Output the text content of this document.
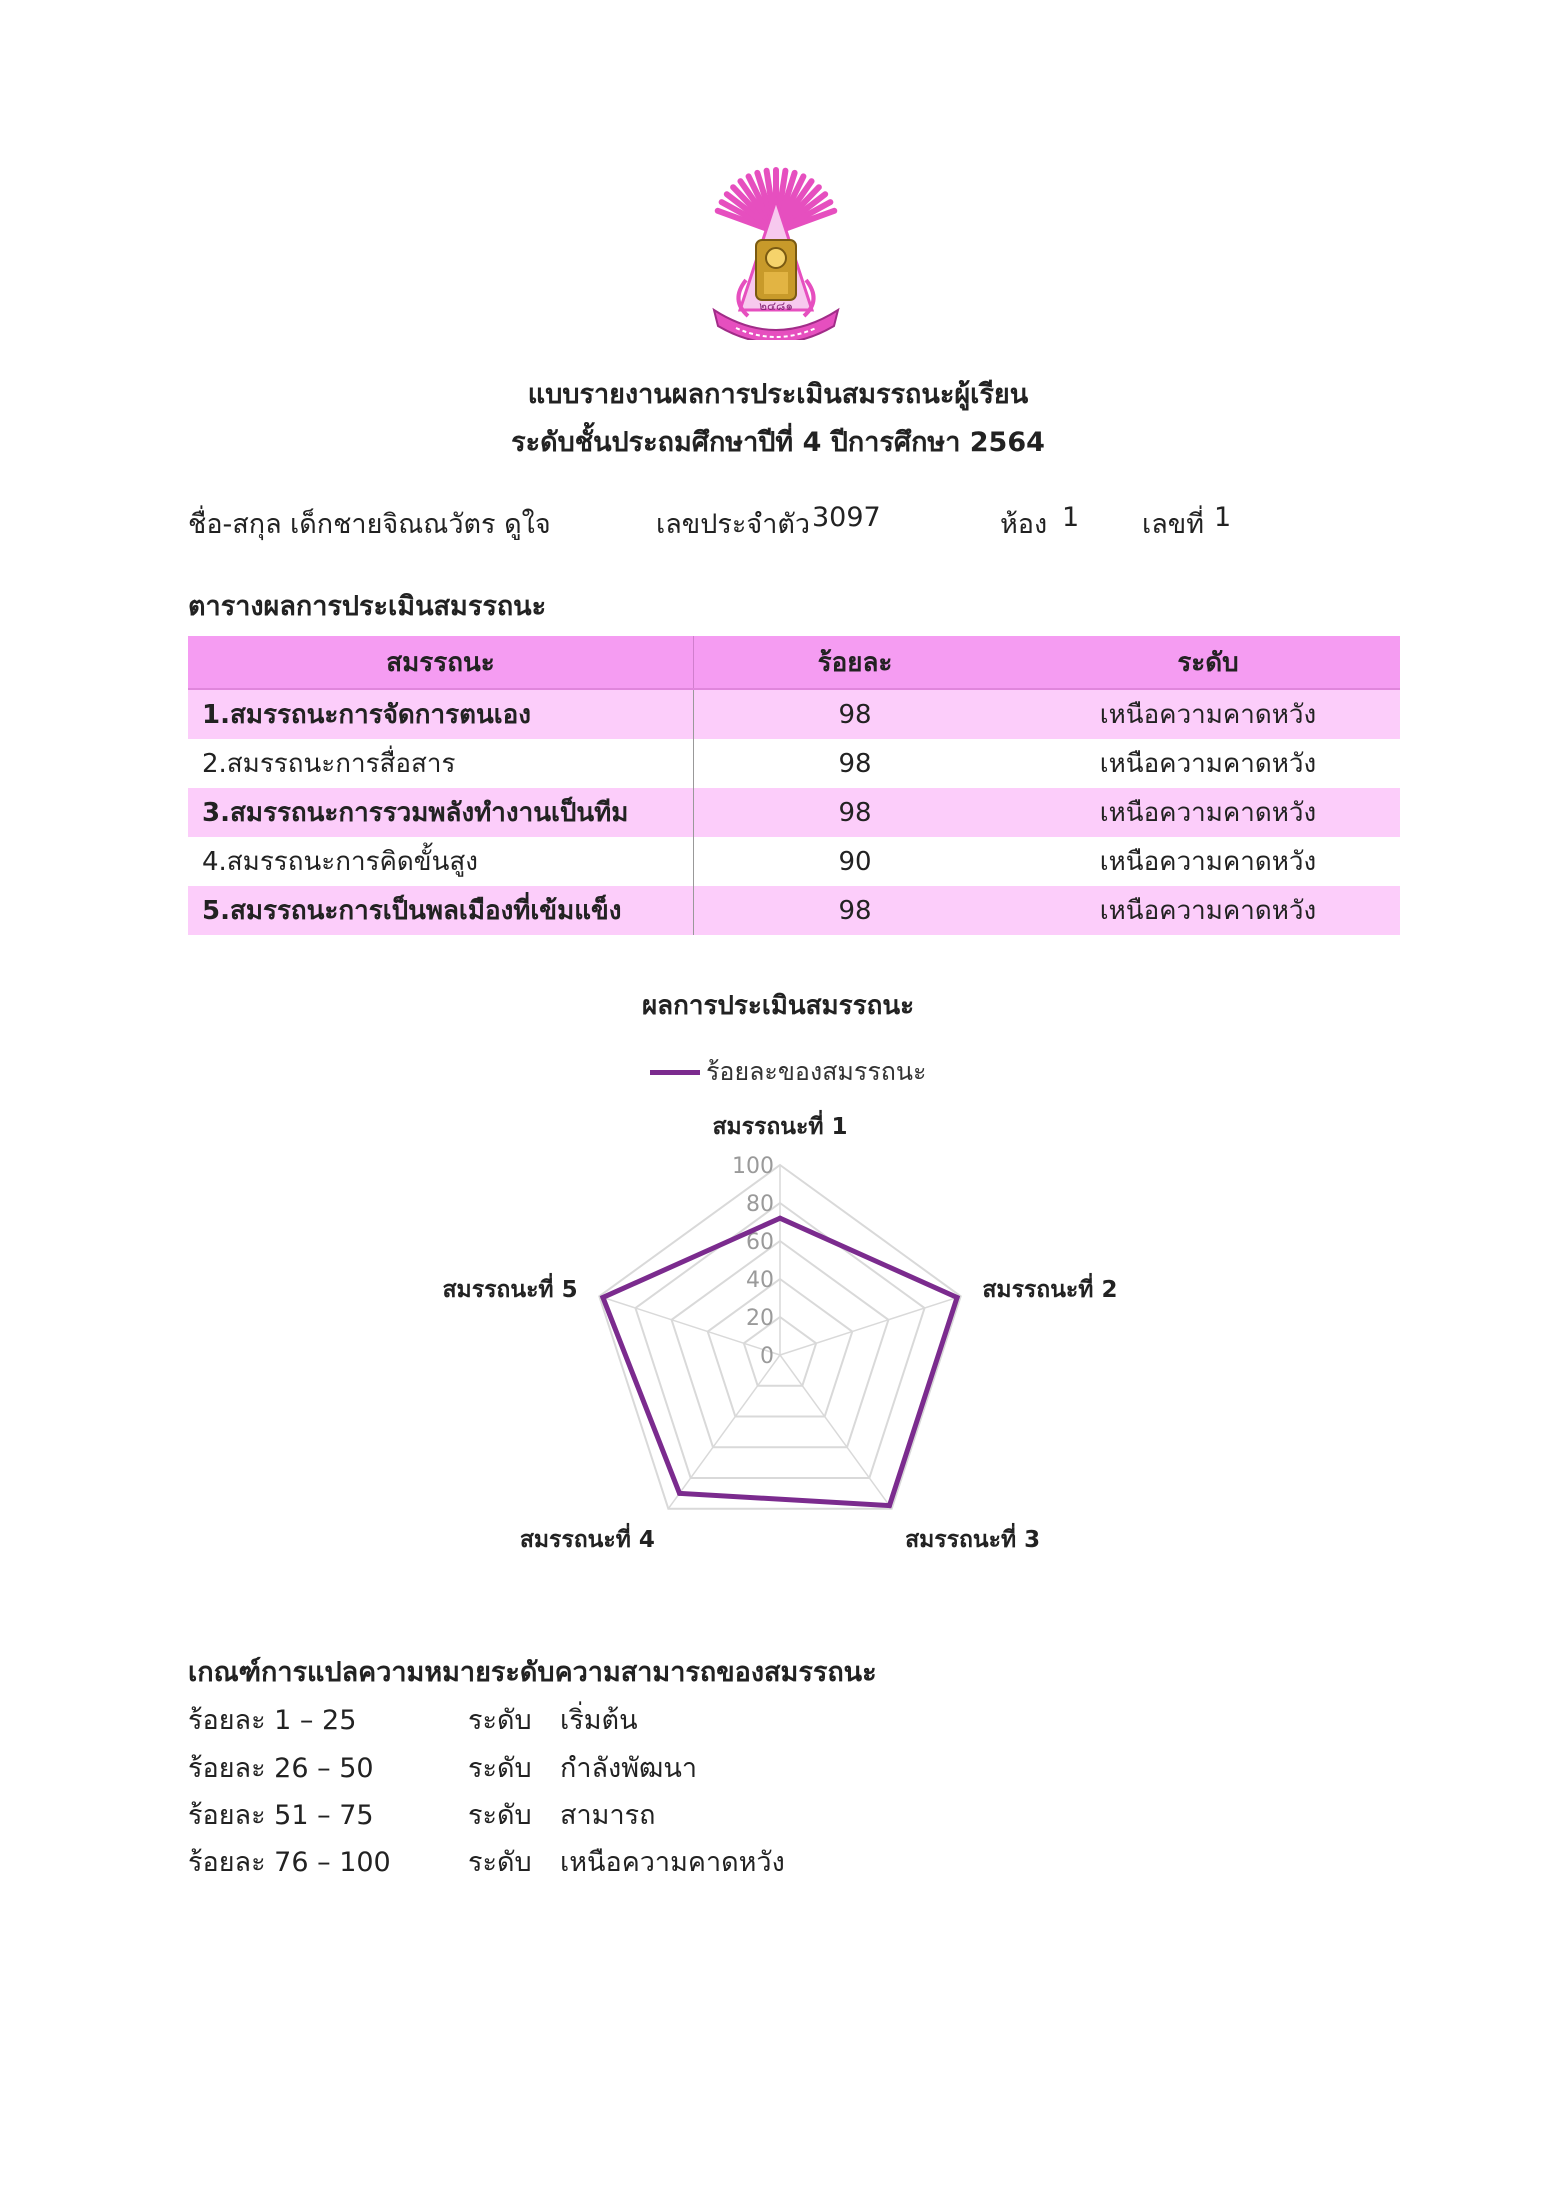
๒๔๘๑
แบบรายงานผลการประเมินสมรรถนะผู้เรียน
ระดับชั้นประถมศึกษาปีที่ 4 ปีการศึกษา 2564
ชื่อ-สกุล เด็กชายจิณณวัตร ดูใจ	เลขประจำตัว 3097	ห้อง 1 เลขที่ 1
ตารางผลการประเมินสมรรถนะ
สมรรถนะ	ร้อยละ	ระดับ
1.สมรรถนะการจัดการตนเอง	98	เหนือความคาดหวัง
2.สมรรถนะการสื่อสาร	98	เหนือความคาดหวัง
3.สมรรถนะการรวมพลังทำงานเป็นทีม	98	เหนือความคาดหวัง
4.สมรรถนะการคิดขั้นสูง	90	เหนือความคาดหวัง
5.สมรรถนะการเป็นพลเมืองที่เข้มแข็ง	98	เหนือความคาดหวัง
ผลการประเมินสมรรถนะ
ร้อยละของสมรรถนะ
0
20
40
60
80
100
สมรรถนะที่ 1
สมรรถนะที่ 2
สมรรถนะที่ 3
สมรรถนะที่ 4
สมรรถนะที่ 5
เกณฑ์การแปลความหมายระดับความสามารถของสมรรถนะ
ร้อยละ 1 – 25	ระดับ เริ่มต้น
ร้อยละ 26 – 50	ระดับ กำลังพัฒนา
ร้อยละ 51 – 75	ระดับ สามารถ
ร้อยละ 76 – 100	ระดับ เหนือความคาดหวัง
